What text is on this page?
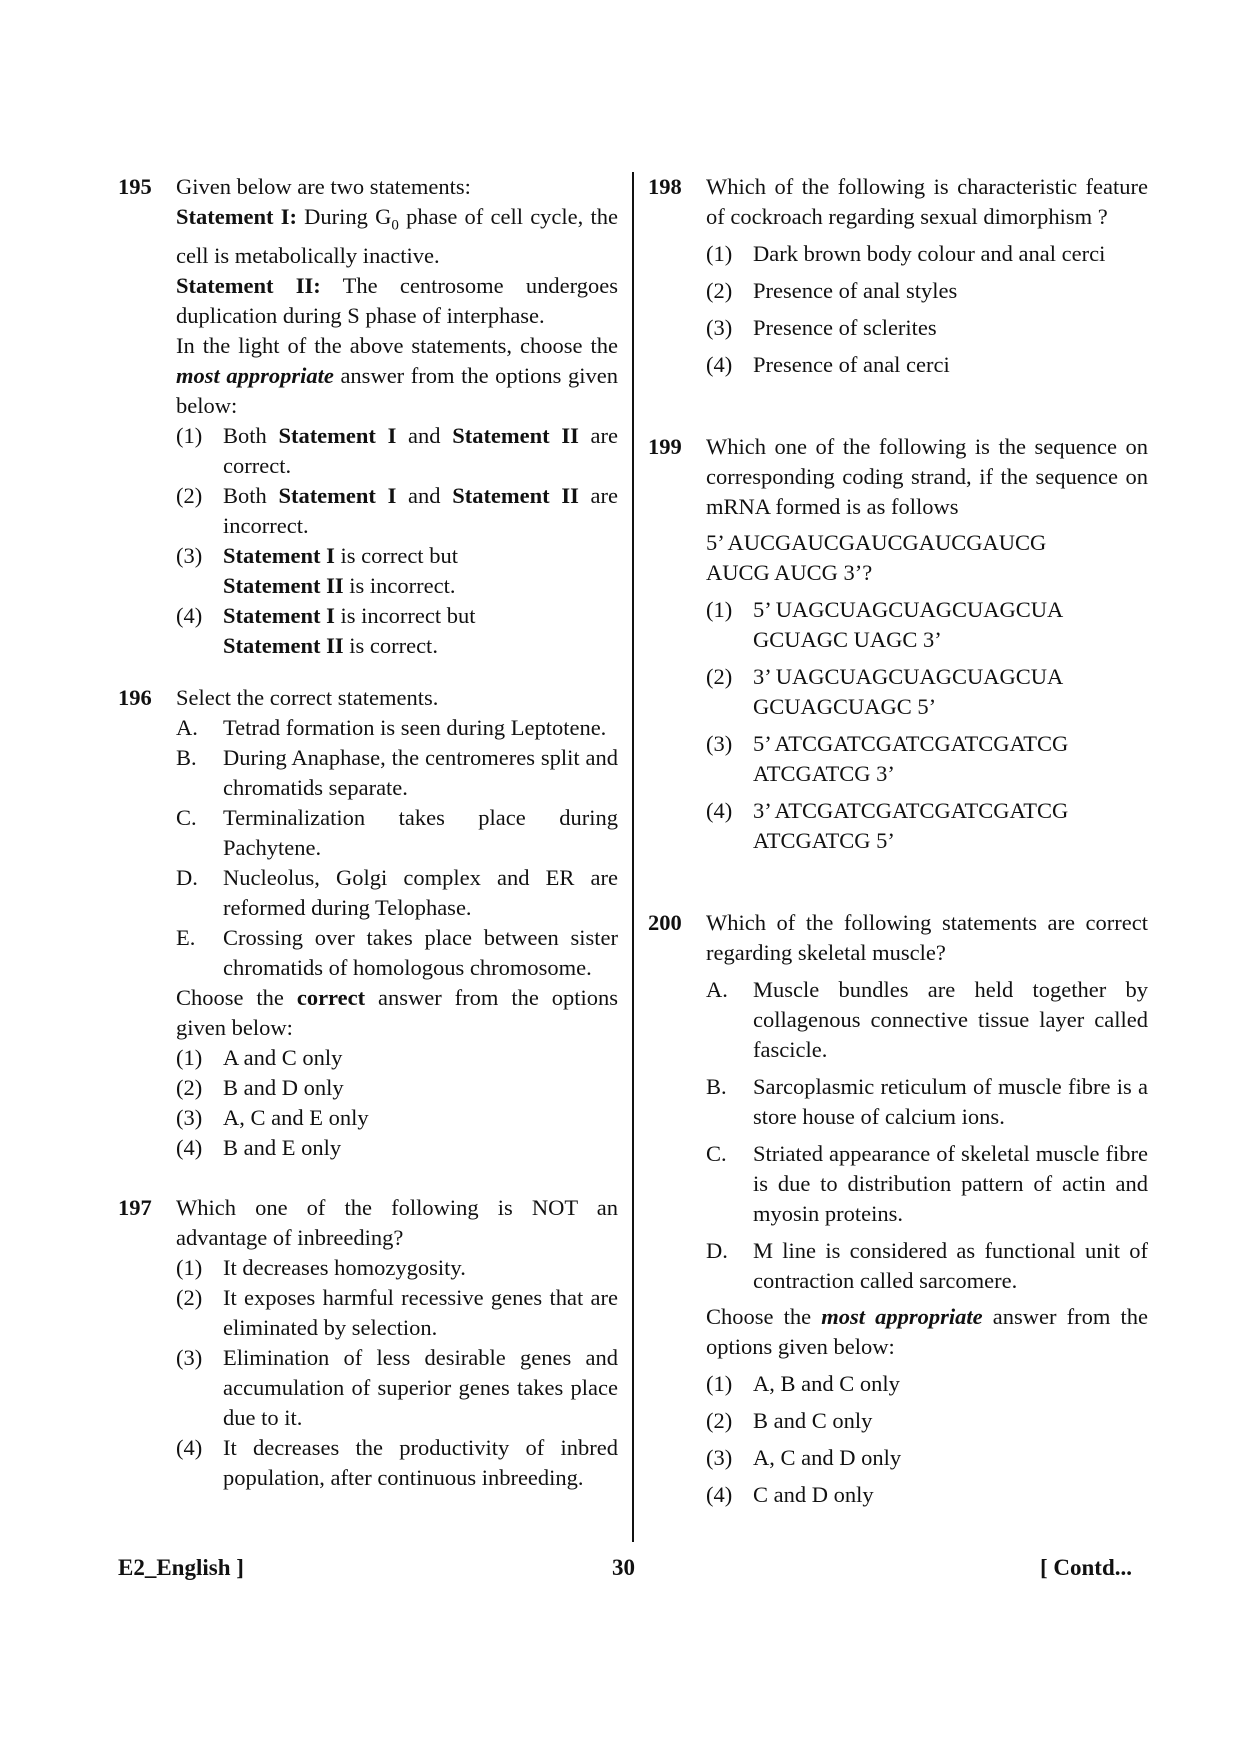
195 Given below are two statements:

Statement I: During $G_0$ phase of cell cycle, the cell is metabolically inactive.

Statement II: The centrosome undergoes duplication during S phase of interphase.

In the light of the above statements, choose the most appropriate answer from the options given below:

(1) Both Statement I and Statement II are correct.
(2) Both Statement I and Statement II are incorrect.
(3) Statement I is correct but
Statement II is incorrect.
(4) Statement I is incorrect but
Statement II is correct.
196 Select the correct statements.

A. Tetrad formation is seen during Leptotene.
B. During Anaphase, the centromeres split and chromatids separate.
C. Terminalization takes place during Pachytene.
D. Nucleolus, Golgi complex and ER are reformed during Telophase.
E. Crossing over takes place between sister chromatids of homologous chromosome.

Choose the correct answer from the options given below:

(1) A and C only
(2) B and D only
(3) A, C and E only
(4) B and E only
197 Which one of the following is NOT an advantage of inbreeding?

(1) It decreases homozygosity.
(2) It exposes harmful recessive genes that are eliminated by selection.
(3) Elimination of less desirable genes and accumulation of superior genes takes place due to it.
(4) It decreases the productivity of inbred population, after continuous inbreeding.
198 Which of the following is characteristic feature of cockroach regarding sexual dimorphism ?

(1) Dark brown body colour and anal cerci
(2) Presence of anal styles
(3) Presence of sclerites
(4) Presence of anal cerci
199 Which one of the following is the sequence on corresponding coding strand, if the sequence on mRNA formed is as follows

5’ AUCGAUCGAUCGAUCGAUCG
AUCG AUCG 3’?

(1) 5’ UAGCUAGCUAGCUAGCUA
GCUAGC UAGC 3’
(2) 3’ UAGCUAGCUAGCUAGCUA
GCUAGCUAGC 5’
(3) 5’ ATCGATCGATCGATCGATCG
ATCGATCG 3’
(4) 3’ ATCGATCGATCGATCGATCG
ATCGATCG 5’
200 Which of the following statements are correct regarding skeletal muscle?

A. Muscle bundles are held together by collagenous connective tissue layer called fascicle.
B. Sarcoplasmic reticulum of muscle fibre is a store house of calcium ions.
C. Striated appearance of skeletal muscle fibre is due to distribution pattern of actin and myosin proteins.
D. M line is considered as functional unit of contraction called sarcomere.

Choose the most appropriate answer from the options given below:

(1) A, B and C only
(2) B and C only
(3) A, C and D only
(4) C and D only
E2_English ]	30	[ Contd...
